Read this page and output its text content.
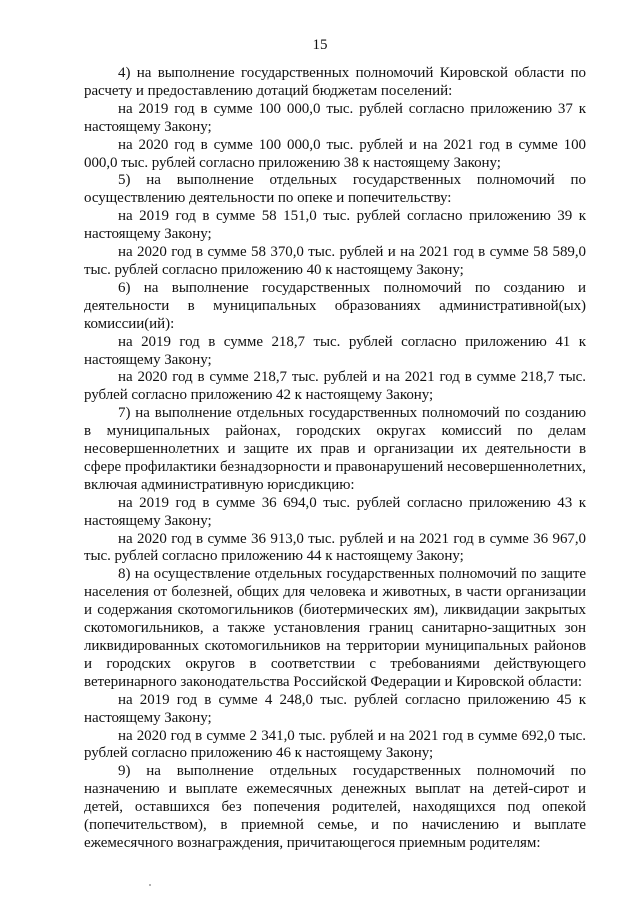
15

4) на выполнение государственных полномочий Кировской области по расчету и предоставлению дотаций бюджетам поселений:

на 2019 год в сумме 100 000,0 тыс. рублей согласно приложению 37 к настоящему Закону;

на 2020 год в сумме 100 000,0 тыс. рублей и на 2021 год в сумме 100 000,0 тыс. рублей согласно приложению 38 к настоящему Закону;

5) на выполнение отдельных государственных полномочий по осуществлению деятельности по опеке и попечительству:

на 2019 год в сумме 58 151,0 тыс. рублей согласно приложению 39 к настоящему Закону;

на 2020 год в сумме 58 370,0 тыс. рублей и на 2021 год в сумме 58 589,0 тыс. рублей согласно приложению 40 к настоящему Закону;

6) на выполнение государственных полномочий по созданию и деятельности в муниципальных образованиях административной(ых) комиссии(ий):

на 2019 год в сумме 218,7 тыс. рублей согласно приложению 41 к настоящему Закону;

на 2020 год в сумме 218,7 тыс. рублей и на 2021 год в сумме 218,7 тыс. рублей согласно приложению 42 к настоящему Закону;

7) на выполнение отдельных государственных полномочий по созданию в муниципальных районах, городских округах комиссий по делам несовершеннолетних и защите их прав и организации их деятельности в сфере профилактики безнадзорности и правонарушений несовершеннолетних, включая административную юрисдикцию:

на 2019 год в сумме 36 694,0 тыс. рублей согласно приложению 43 к настоящему Закону;

на 2020 год в сумме 36 913,0 тыс. рублей и на 2021 год в сумме 36 967,0 тыс. рублей согласно приложению 44 к настоящему Закону;

8) на осуществление отдельных государственных полномочий по защите населения от болезней, общих для человека и животных, в части организации и содержания скотомогильников (биотермических ям), ликвидации закрытых скотомогильников, а также установления границ санитарно-защитных зон ликвидированных скотомогильников на территории муниципальных районов и городских округов в соответствии с требованиями действующего ветеринарного законодательства Российской Федерации и Кировской области:

на 2019 год в сумме 4 248,0 тыс. рублей согласно приложению 45 к настоящему Закону;

на 2020 год в сумме 2 341,0 тыс. рублей и на 2021 год в сумме 692,0 тыс. рублей согласно приложению 46 к настоящему Закону;

9) на выполнение отдельных государственных полномочий по назначению и выплате ежемесячных денежных выплат на детей-сирот и детей, оставшихся без попечения родителей, находящихся под опекой (попечительством), в приемной семье, и по начислению и выплате ежемесячного вознаграждения, причитающегося приемным родителям:
